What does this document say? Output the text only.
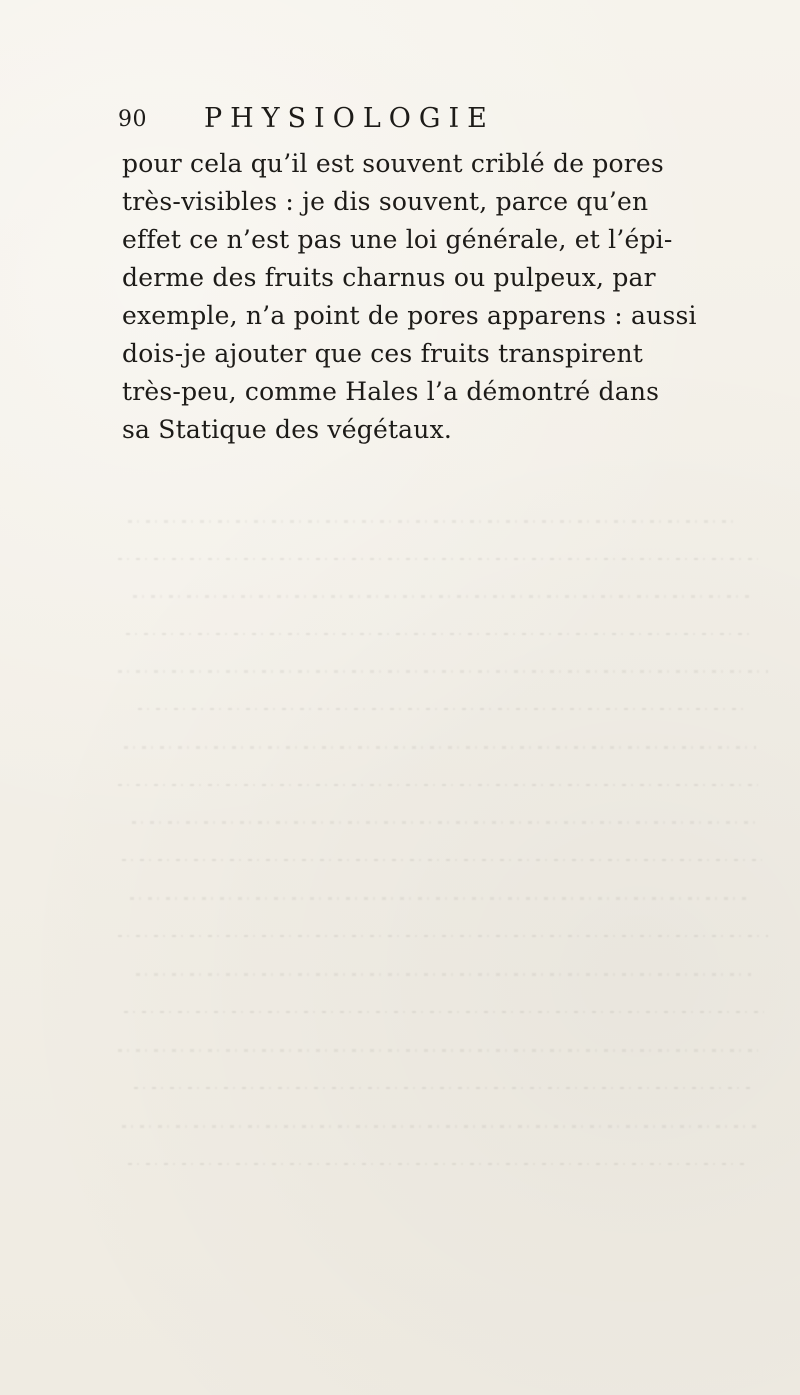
90 PHYSIOLOGIE
pour cela qu’il est souvent criblé de pores
très-visibles : je dis souvent, parce qu’en
effet ce n’est pas une loi générale, et l’épi-
derme des fruits charnus ou pulpeux, par
exemple, n’a point de pores apparens : aussi
dois-je ajouter que ces fruits transpirent
très-peu, comme Hales l’a démontré dans
sa Statique des végétaux.
